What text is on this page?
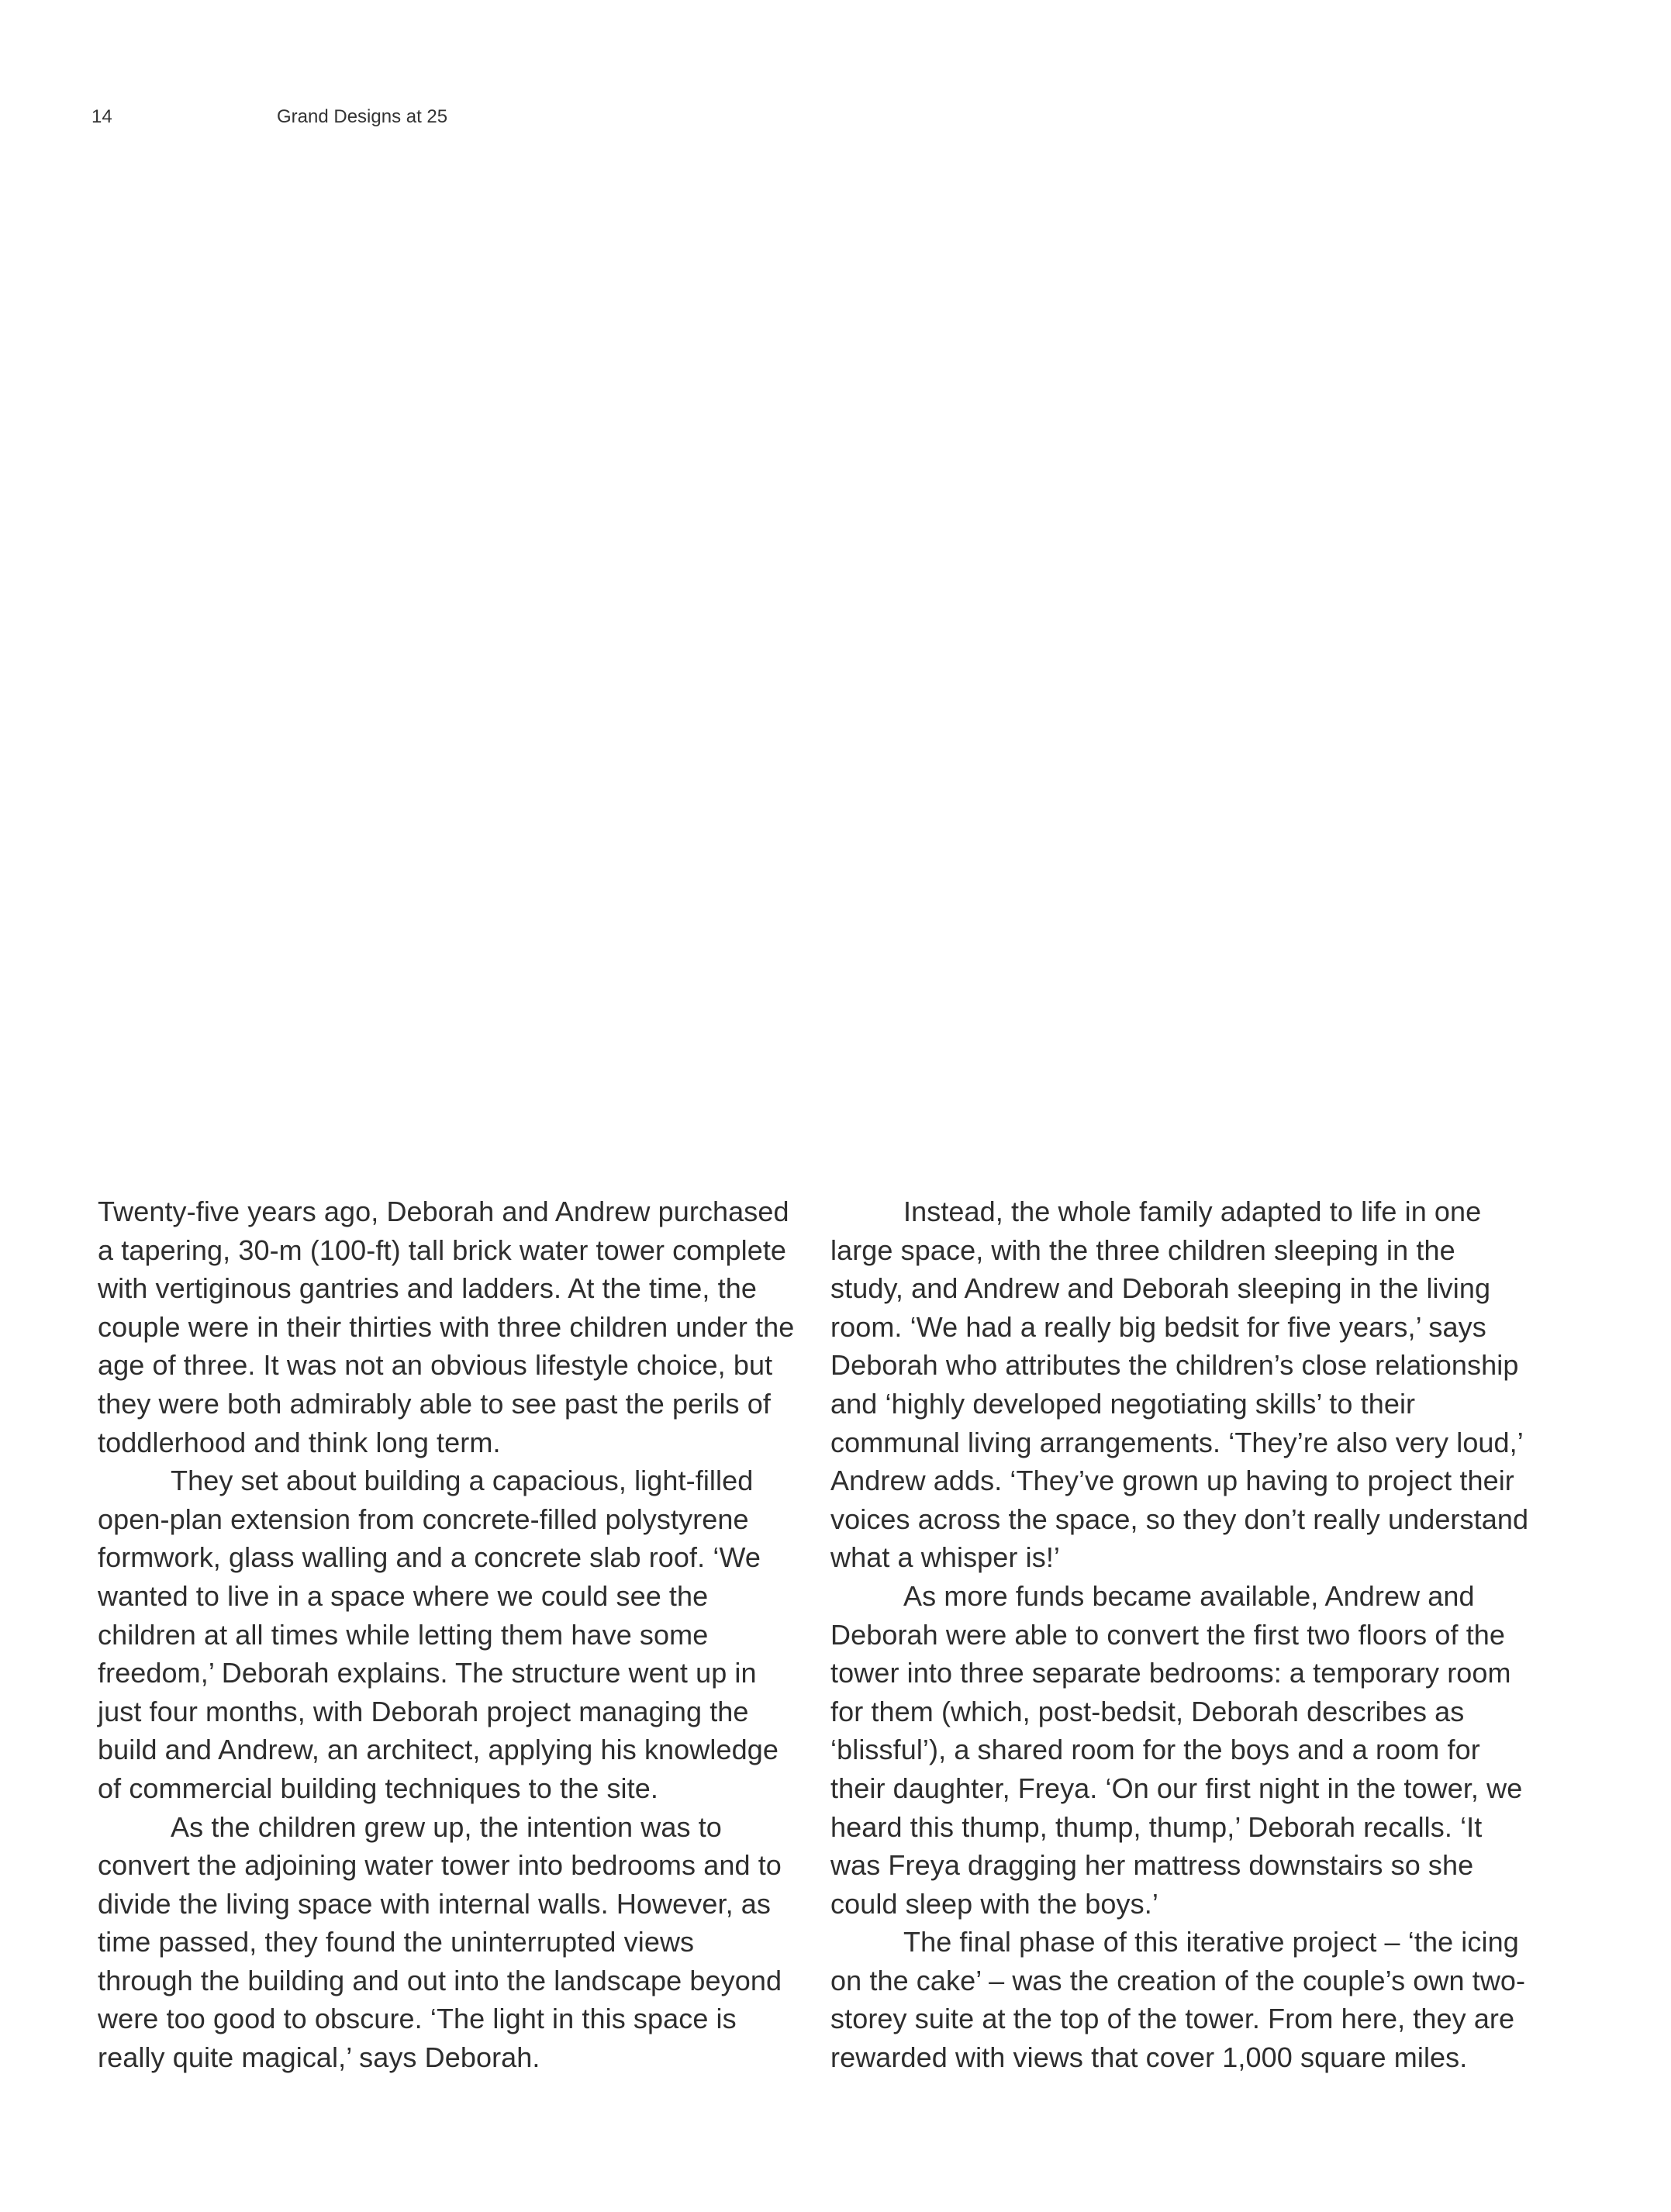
14	Grand Designs at 25

Twenty-five years ago, Deborah and Andrew purchased a tapering, 30-m (100-ft) tall brick water tower complete with vertiginous gantries and ladders. At the time, the couple were in their thirties with three children under the age of three. It was not an obvious lifestyle choice, but they were both admirably able to see past the perils of toddlerhood and think long term.

They set about building a capacious, light-filled open-plan extension from concrete-filled polystyrene formwork, glass walling and a concrete slab roof. ‘We wanted to live in a space where we could see the children at all times while letting them have some freedom,’ Deborah explains. The structure went up in just four months, with Deborah project managing the build and Andrew, an architect, applying his knowledge of commercial building techniques to the site.

As the children grew up, the intention was to convert the adjoining water tower into bedrooms and to divide the living space with internal walls. However, as time passed, they found the uninterrupted views through the building and out into the landscape beyond were too good to obscure. ‘The light in this space is really quite magical,’ says Deborah.

Instead, the whole family adapted to life in one large space, with the three children sleeping in the study, and Andrew and Deborah sleeping in the living room. ‘We had a really big bedsit for five years,’ says Deborah who attributes the children’s close relationship and ‘highly developed negotiating skills’ to their communal living arrangements. ‘They’re also very loud,’ Andrew adds. ‘They’ve grown up having to project their voices across the space, so they don’t really understand what a whisper is!’

As more funds became available, Andrew and Deborah were able to convert the first two floors of the tower into three separate bedrooms: a temporary room for them (which, post-bedsit, Deborah describes as ‘blissful’), a shared room for the boys and a room for their daughter, Freya. ‘On our first night in the tower, we heard this thump, thump, thump,’ Deborah recalls. ‘It was Freya dragging her mattress downstairs so she could sleep with the boys.’

The final phase of this iterative project – ‘the icing on the cake’ – was the creation of the couple’s own two-storey suite at the top of the tower. From here, they are rewarded with views that cover 1,000 square miles.
